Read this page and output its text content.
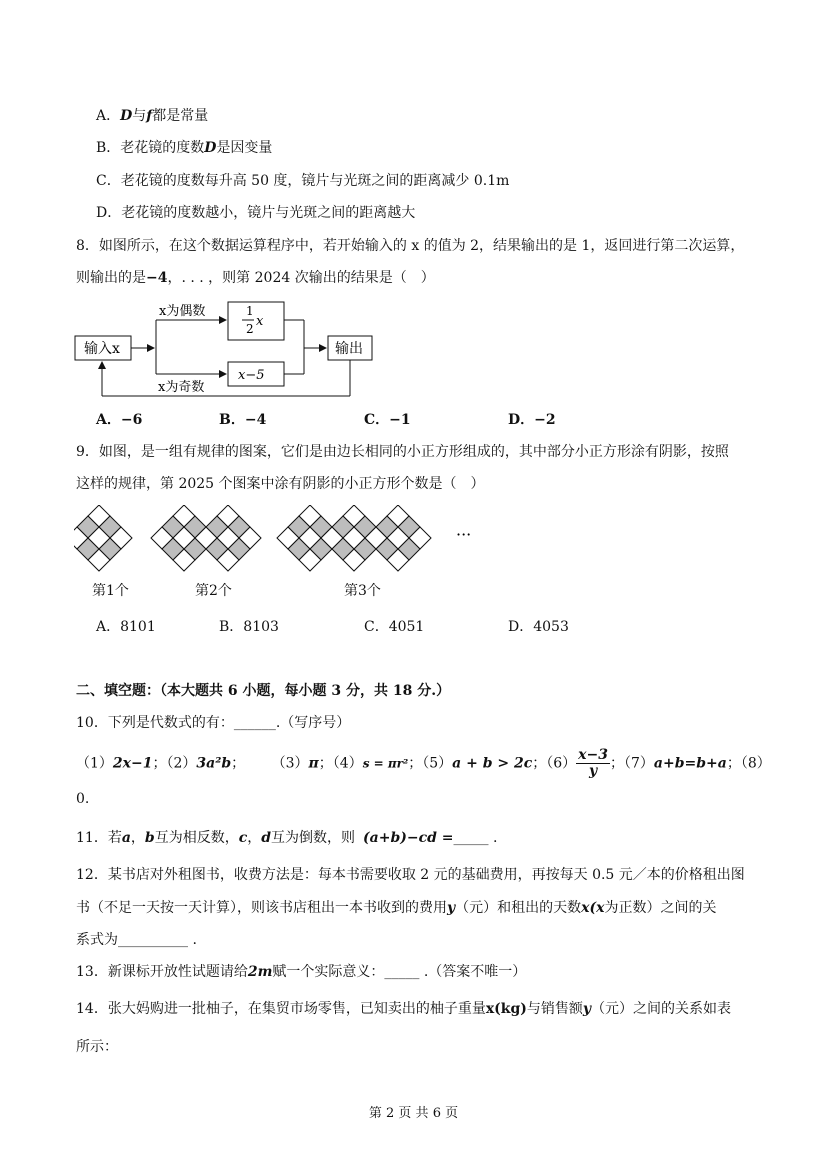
A．D与f都是常量
B．老花镜的度数D是因变量
C．老花镜的度数每升高 50 度，镜片与光斑之间的距离减少 0.1m
D．老花镜的度数越小，镜片与光斑之间的距离越大
8．如图所示，在这个数据运算程序中，若开始输入的 x 的值为 2，结果输出的是 1，返回进行第二次运算，
则输出的是−4，. . . ，则第 2024 次输出的结果是（　）
输入x
x为偶数	1
2 x
x−5
输出
x为奇数
A．−6	B．−4	C．−1	D．−2
9．如图，是一组有规律的图案，它们是由边长相同的小正方形组成的，其中部分小正方形涂有阴影，按照
这样的规律，第 2025 个图案中涂有阴影的小正方形个数是（　）
···
第1个	第2个	第3个
A．8101	B．8103	C．4051	D．4053
二、填空题：（本大题共 6 小题，每小题 3 分，共 18 分.）
10．下列是代数式的有：______.（写序号）
（1）2x−1；（2）3a²b； （3）π；（4）s = πr²；（5）a + b > 2c；$(6) \frac{x-3}{y}$ ；（7）a+b=b+a；（8）
0.
11．若a，b互为相反数，c，d互为倒数，则 (a+b)−cd =_____ .
12．某书店对外租图书，收费方法是：每本书需要收取 2 元的基础费用，再按每天 0.5 元／本的价格租出图
书（不足一天按一天计算），则该书店租出一本书收到的费用y（元）和租出的天数x(x为正数）之间的关
系式为__________ .
13．新课标开放性试题请给2m赋一个实际意义：_____ .（答案不唯一）
14．张大妈购进一批柚子，在集贸市场零售，已知卖出的柚子重量x(kg)与销售额y（元）之间的关系如表
所示：
第 2 页 共 6 页
